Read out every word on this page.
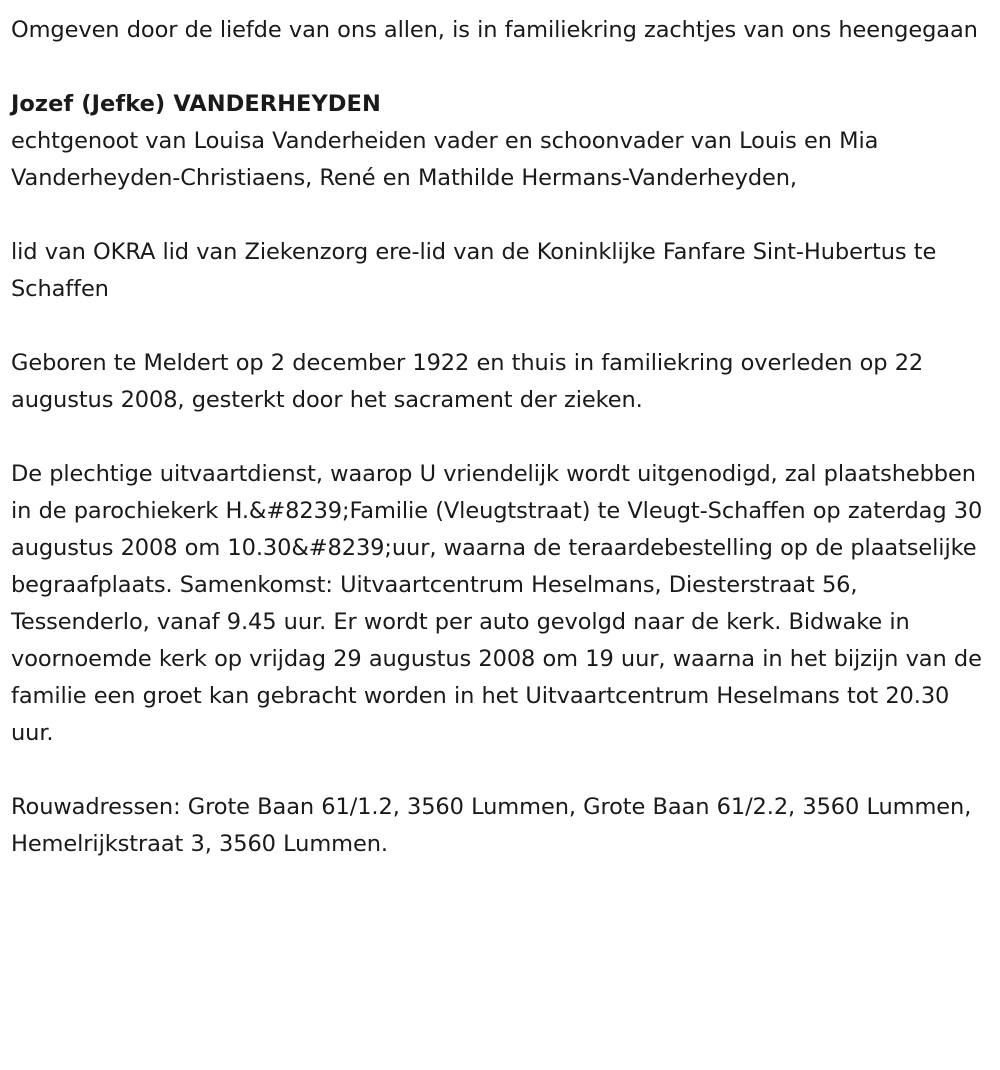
Omgeven door de liefde van ons allen, is in familiekring zachtjes van ons heengegaan

Jozef (Jefke) VANDERHEYDEN

echtgenoot van Louisa Vanderheiden vader en schoonvader van Louis en Mia Vanderheyden-Christiaens, René en Mathilde Hermans-Vanderheyden,

lid van OKRA lid van Ziekenzorg ere-lid van de Koninklijke Fanfare Sint-Hubertus te Schaffen

Geboren te Meldert op 2 december 1922 en thuis in familiekring overleden op 22 augustus 2008, gesterkt door het sacrament der zieken.

De plechtige uitvaartdienst, waarop U vriendelijk wordt uitgenodigd, zal plaatshebben in de parochiekerk H.&#8239;Familie (Vleugtstraat) te Vleugt-Schaffen op zaterdag 30 augustus 2008 om 10.30&#8239;uur, waarna de teraardebestelling op de plaatselijke begraafplaats. Samenkomst: Uitvaartcentrum Heselmans, Diesterstraat 56, Tessenderlo, vanaf 9.45 uur. Er wordt per auto gevolgd naar de kerk. Bidwake in voornoemde kerk op vrijdag 29 augustus 2008 om 19 uur, waarna in het bijzijn van de familie een groet kan gebracht worden in het Uitvaartcentrum Heselmans tot 20.30 uur.

Rouwadressen: Grote Baan 61/1.2, 3560 Lummen, Grote Baan 61/2.2, 3560 Lummen, Hemelrijkstraat 3, 3560 Lummen.
